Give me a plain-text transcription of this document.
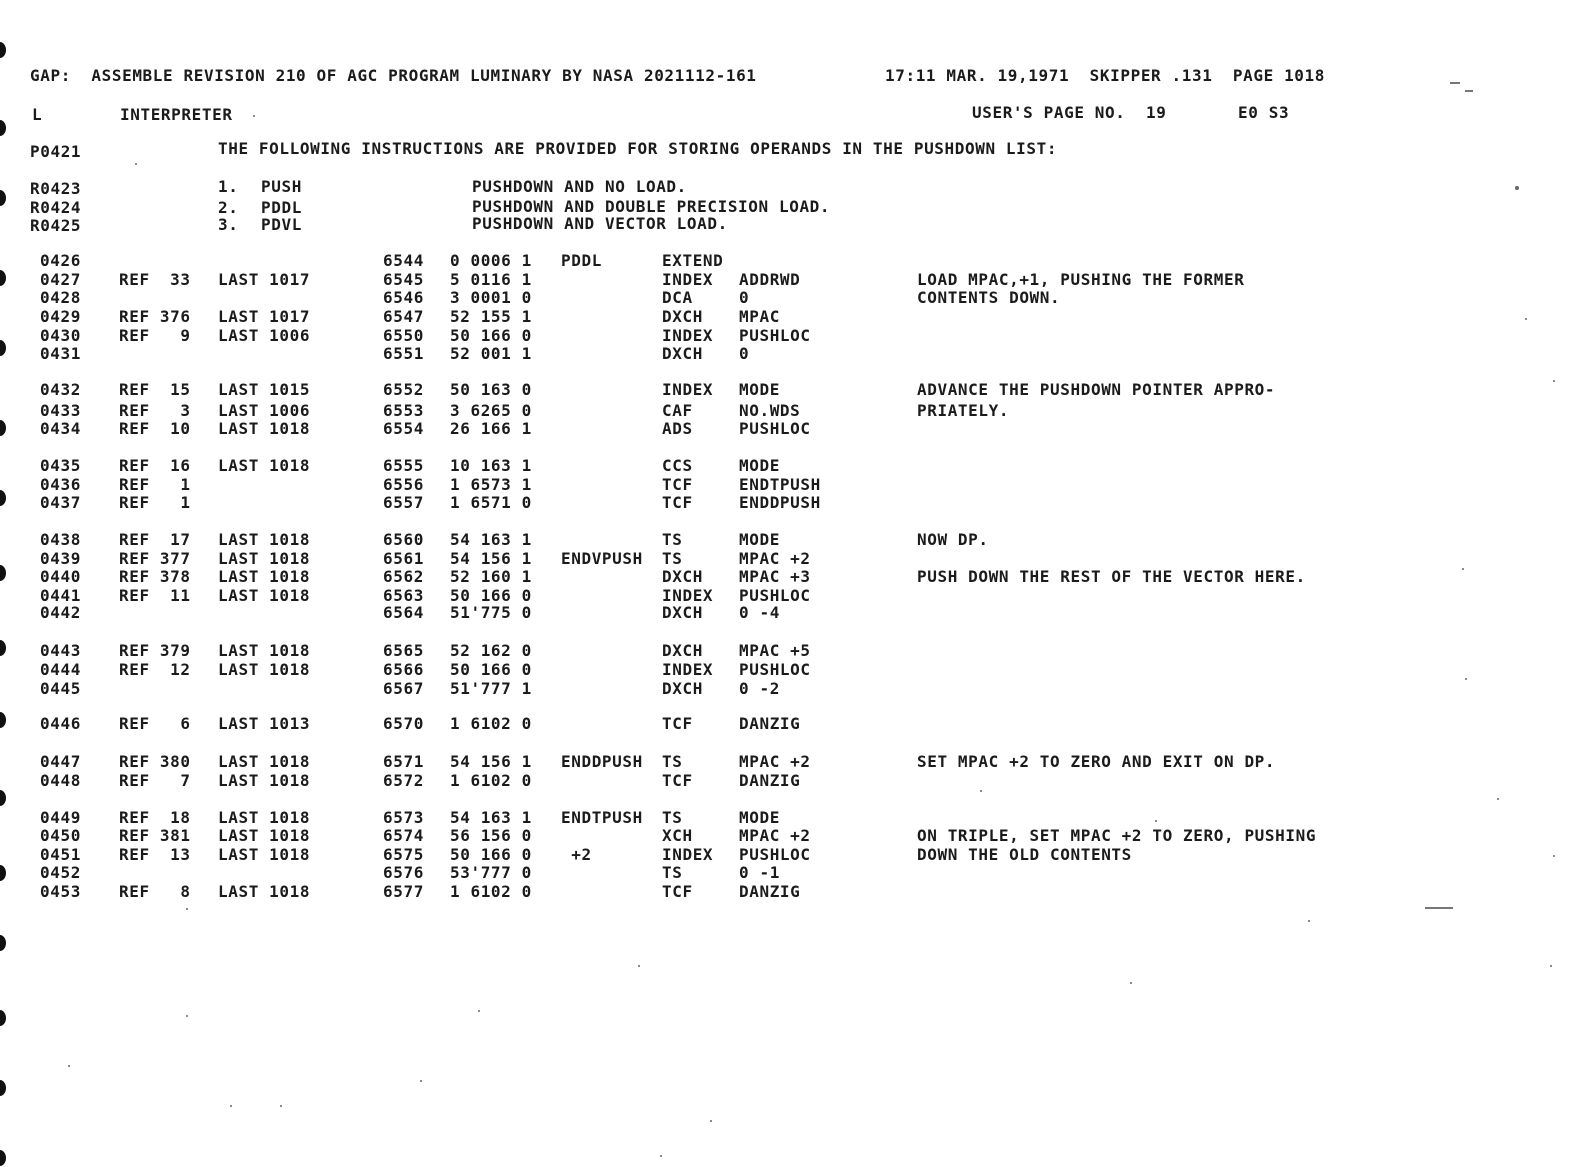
GAP:  ASSEMBLE REVISION 210 OF AGC PROGRAM LUMINARY BY NASA 2021112-161	17:11 MAR. 19,1971  SKIPPER .131  PAGE 1018
L	INTERPRETER	USER'S PAGE NO.  19       E0 S3
P0421	THE FOLLOWING INSTRUCTIONS ARE PROVIDED FOR STORING OPERANDS IN THE PUSHDOWN LIST:
R0423	1. PUSH	PUSHDOWN AND NO LOAD.
R0424	2. PDDL	PUSHDOWN AND DOUBLE PRECISION LOAD.
R0425	3. PDVL	PUSHDOWN AND VECTOR LOAD.
0426	6544 0 0006 1 PDDL	EXTEND
0427 REF  33 LAST 1017	6545 5 0116 1	INDEX ADDRWD	LOAD MPAC,+1, PUSHING THE FORMER
0428	6546 3 0001 0	DCA	0	CONTENTS DOWN.
0429 REF 376 LAST 1017	6547 52 155 1	DXCH MPAC
0430 REF   9 LAST 1006	6550 50 166 0	INDEX PUSHLOC
0431	6551 52 001 1	DXCH 0
0432 REF  15 LAST 1015	6552 50 163 0	INDEX MODE	ADVANCE THE PUSHDOWN POINTER APPRO-
0433 REF   3 LAST 1006	6553 3 6265 0	CAF	NO.WDS	PRIATELY.
0434 REF  10 LAST 1018	6554 26 166 1	ADS	PUSHLOC
0435 REF  16 LAST 1018	6555 10 163 1	CCS	MODE
0436 REF   1	6556 1 6573 1	TCF	ENDTPUSH
0437 REF   1	6557 1 6571 0	TCF	ENDDPUSH
0438 REF  17 LAST 1018	6560 54 163 1	TS	MODE	NOW DP.
0439 REF 377 LAST 1018	6561 54 156 1 ENDVPUSH TS	MPAC +2
0440 REF 378 LAST 1018	6562 52 160 1	DXCH MPAC +3	PUSH DOWN THE REST OF THE VECTOR HERE.
0441 REF  11 LAST 1018	6563 50 166 0	INDEX PUSHLOC
0442	6564 51'775 0	DXCH 0 -4
0443 REF 379 LAST 1018	6565 52 162 0	DXCH MPAC +5
0444 REF  12 LAST 1018	6566 50 166 0	INDEX PUSHLOC
0445	6567 51'777 1	DXCH 0 -2
0446 REF   6 LAST 1013	6570 1 6102 0	TCF	DANZIG
0447 REF 380 LAST 1018	6571 54 156 1 ENDDPUSH TS	MPAC +2	SET MPAC +2 TO ZERO AND EXIT ON DP.
0448 REF   7 LAST 1018	6572 1 6102 0	TCF	DANZIG
0449 REF  18 LAST 1018	6573 54 163 1 ENDTPUSH TS	MODE
0450 REF 381 LAST 1018	6574 56 156 0	XCH	MPAC +2	ON TRIPLE, SET MPAC +2 TO ZERO, PUSHING
0451 REF  13 LAST 1018	6575 50 166 0 +2	INDEX PUSHLOC	DOWN THE OLD CONTENTS
0452	6576 53'777 0	TS	0 -1
0453 REF   8 LAST 1018	6577 1 6102 0	TCF	DANZIG
